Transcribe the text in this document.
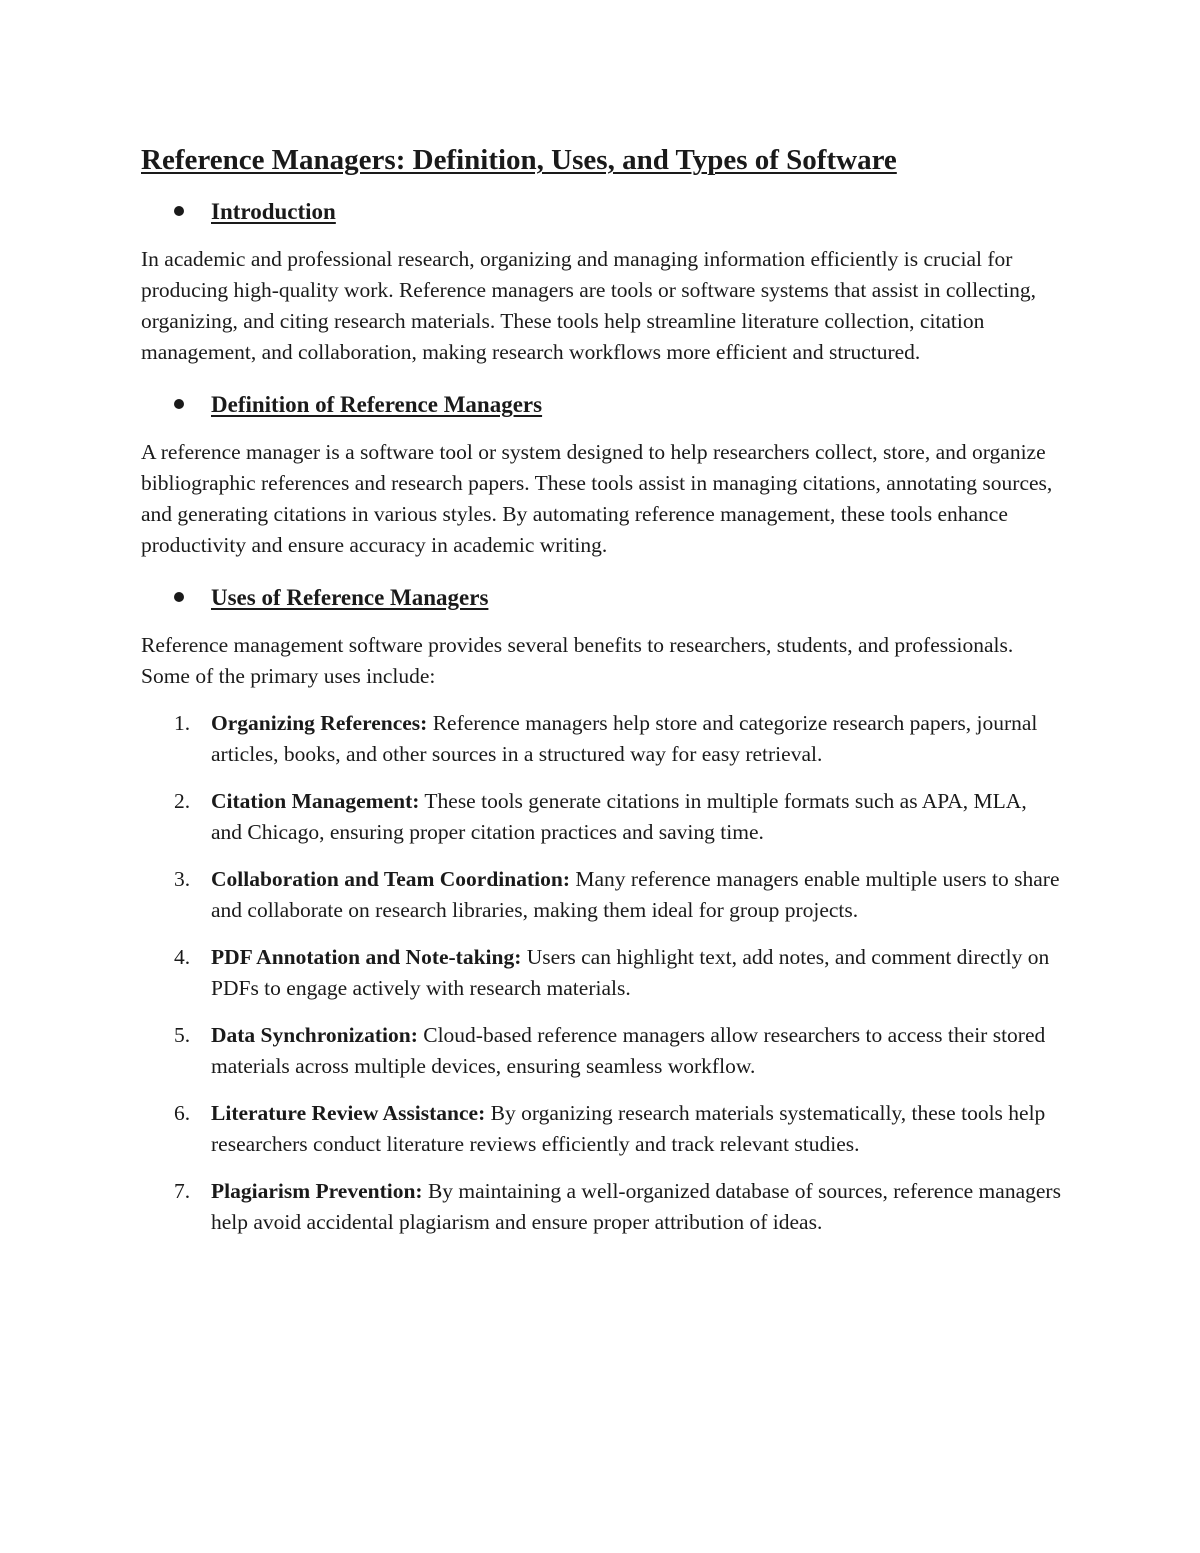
Reference Managers: Definition, Uses, and Types of Software
Introduction

In academic and professional research, organizing and managing information efficiently is crucial for producing high-quality work. Reference managers are tools or software systems that assist in collecting, organizing, and citing research materials. These tools help streamline literature collection, citation management, and collaboration, making research workflows more efficient and structured.

Definition of Reference Managers

A reference manager is a software tool or system designed to help researchers collect, store, and organize bibliographic references and research papers. These tools assist in managing citations, annotating sources, and generating citations in various styles. By automating reference management, these tools enhance productivity and ensure accuracy in academic writing.

Uses of Reference Managers

Reference management software provides several benefits to researchers, students, and professionals. Some of the primary uses include:

1. Organizing References: Reference managers help store and categorize research papers, journal articles, books, and other sources in a structured way for easy retrieval.
2. Citation Management: These tools generate citations in multiple formats such as APA, MLA, and Chicago, ensuring proper citation practices and saving time.
3. Collaboration and Team Coordination: Many reference managers enable multiple users to share and collaborate on research libraries, making them ideal for group projects.
4. PDF Annotation and Note-taking: Users can highlight text, add notes, and comment directly on PDFs to engage actively with research materials.
5. Data Synchronization: Cloud-based reference managers allow researchers to access their stored materials across multiple devices, ensuring seamless workflow.
6. Literature Review Assistance: By organizing research materials systematically, these tools help researchers conduct literature reviews efficiently and track relevant studies.
7. Plagiarism Prevention: By maintaining a well-organized database of sources, reference managers help avoid accidental plagiarism and ensure proper attribution of ideas.
